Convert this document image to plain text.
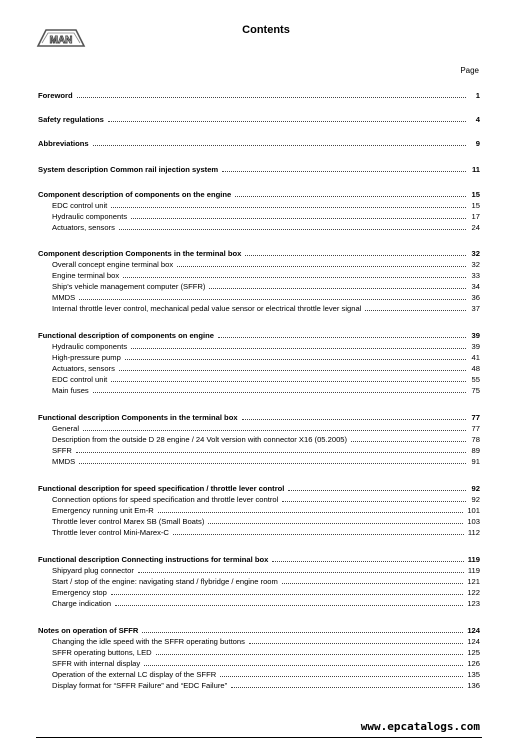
MAN
Contents
Page
Foreword	1
Safety regulations	4
Abbreviations	9
System description Common rail injection system	11
Component description of components on the engine	15
EDC control unit	15
Hydraulic components	17
Actuators, sensors	24
Component description Components in the terminal box	32
Overall concept engine terminal box	32
Engine terminal box	33
Ship's vehicle management computer (SFFR)	34
MMDS	36
Internal throttle lever control, mechanical pedal value sensor or electrical throttle lever signal	37
Functional description of components on engine	39
Hydraulic components	39
High-pressure pump	41
Actuators, sensors	48
EDC control unit	55
Main fuses	75
Functional description Components in the terminal box	77
General	77
Description from the outside D 28 engine / 24 Volt version with connector X16 (05.2005)	78
SFFR	89
MMDS	91
Functional description for speed specification / throttle lever control	92
Connection options for speed specification and throttle lever control	92
Emergency running unit Em-R	101
Throttle lever control Marex SB (Small Boats)	103
Throttle lever control Mini-Marex-C	112
Functional description Connecting instructions for terminal box	119
Shipyard plug connector	119
Start / stop of the engine: navigating stand / flybridge / engine room	121
Emergency stop	122
Charge indication	123
Notes on operation of SFFR	124
Changing the idle speed with the SFFR operating buttons	124
SFFR operating buttons, LED	125
SFFR with internal display	126
Operation of the external LC display of the SFFR	135
Display format for “SFFR Failure” and “EDC Failure”	136
www.epcatalogs.com
